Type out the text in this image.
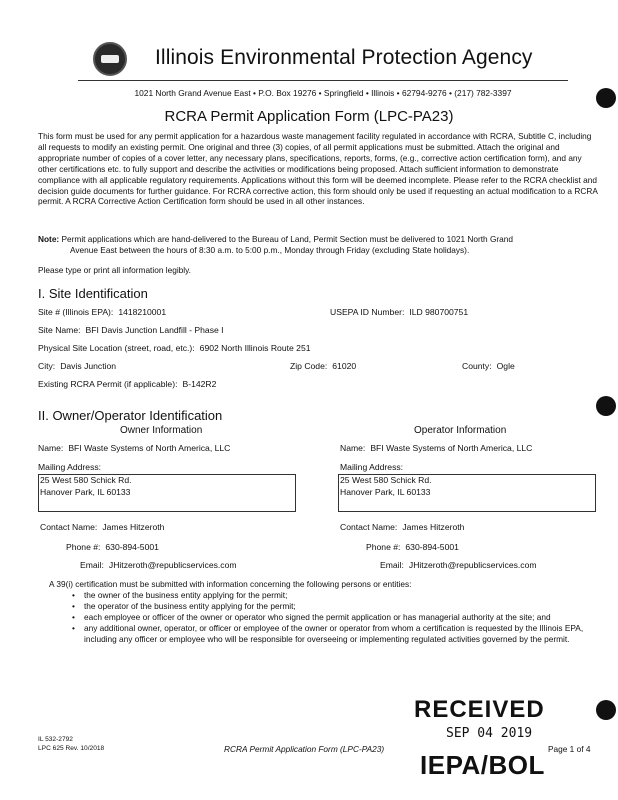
Illinois Environmental Protection Agency
1021 North Grand Avenue East • P.O. Box 19276 • Springfield • Illinois • 62794-9276 • (217) 782-3397
RCRA Permit Application Form (LPC-PA23)
This form must be used for any permit application for a hazardous waste management facility regulated in accordance with RCRA, Subtitle C, including all requests to modify an existing permit. One original and three (3) copies, of all permit applications must be submitted. Attach the original and appropriate number of copies of a cover letter, any necessary plans, specifications, reports, forms, (e.g., corrective action certification form), and any other certifications etc. to fully support and describe the activities or modifications being proposed. Attach sufficient information to demonstrate compliance with all applicable regulatory requirements. Applications without this form will be deemed incomplete. Please refer to the RCRA checklist and decision guide documents for further guidance. For RCRA corrective action, this form should only be used if requesting an actual modification to a RCRA permit. A RCRA Corrective Action Certification form should be used in all other instances.
Note: Permit applications which are hand-delivered to the Bureau of Land, Permit Section must be delivered to 1021 North Grand
Avenue East between the hours of 8:30 a.m. to 5:00 p.m., Monday through Friday (excluding State holidays).
Please type or print all information legibly.
I. Site Identification
Site # (Illinois EPA): 1418210001	USEPA ID Number: ILD 980700751
Site Name: BFI Davis Junction Landfill - Phase I
Physical Site Location (street, road, etc.): 6902 North Illinois Route 251
City: Davis Junction	Zip Code: 61020	County: Ogle
Existing RCRA Permit (if applicable): B-142R2
II. Owner/Operator Identification
Owner Information	Operator Information
Name: BFI Waste Systems of North America, LLC	Name: BFI Waste Systems of North America, LLC
Mailing Address:	Mailing Address:
25 West 580 Schick Rd.
Hanover Park, IL 60133
25 West 580 Schick Rd.
Hanover Park, IL 60133
Contact Name: James Hitzeroth	Contact Name: James Hitzeroth
Phone #: 630-894-5001	Phone #: 630-894-5001
Email: JHitzeroth@republicservices.com	Email: JHitzeroth@republicservices.com
A 39(i) certification must be submitted with information concerning the following persons or entities:
• the owner of the business entity applying for the permit;
• the operator of the business entity applying for the permit;
• each employee or officer of the owner or operator who signed the permit application or has managerial authority at the site; and
• any additional owner, operator, or officer or employee of the owner or operator from whom a certification is requested by the Illinois EPA, including any officer or employee who will be responsible for overseeing or implementing regulated activities governed by the permit.
RECEIVED
SEP 04 2019
IEPA/BOL
IL 532-2792
LPC 625 Rev. 10/2018	RCRA Permit Application Form (LPC-PA23)	Page 1 of 4
